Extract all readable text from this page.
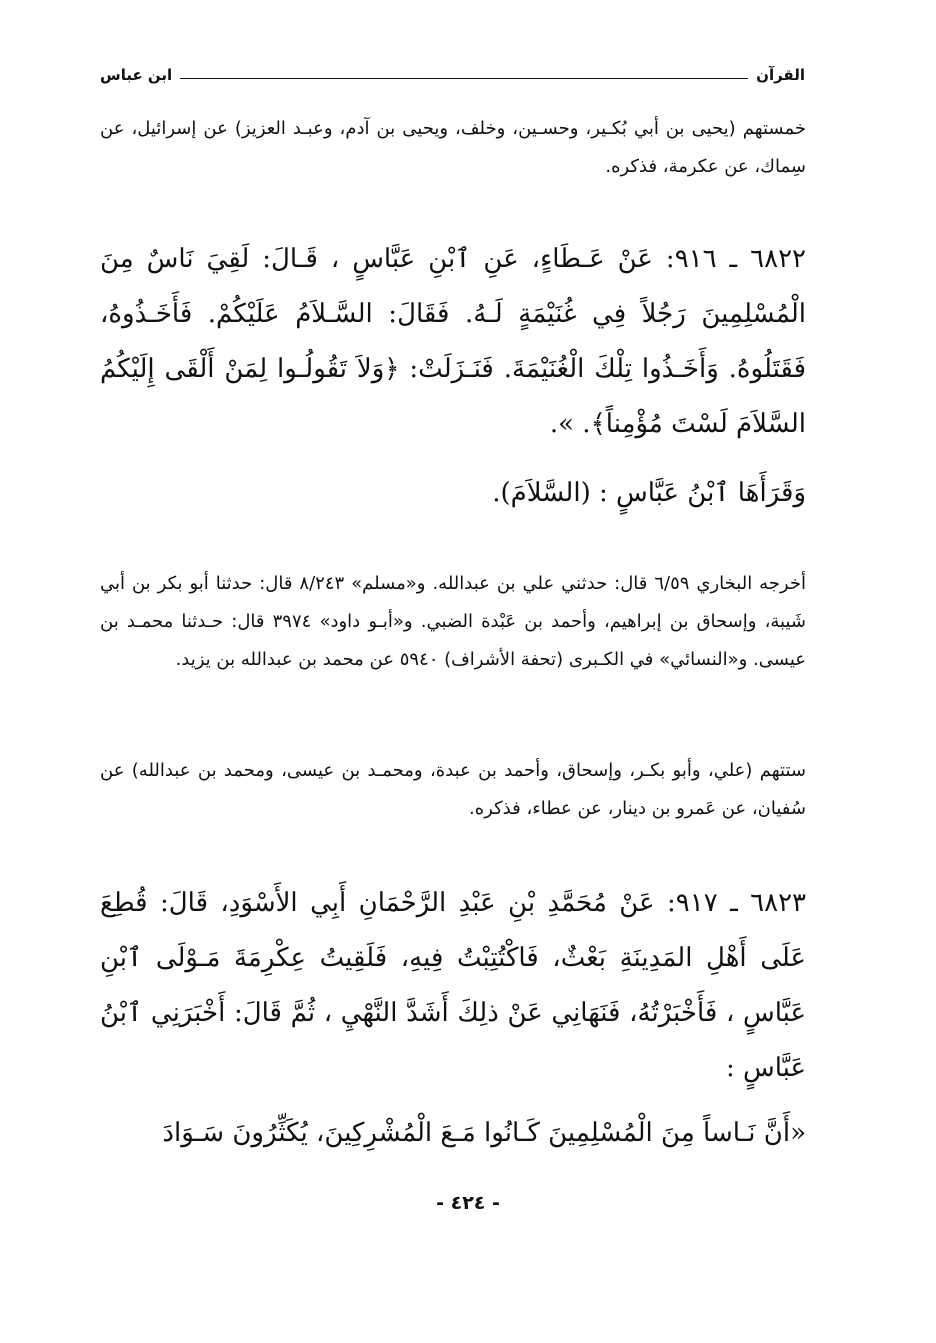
القرآن
ابن عباس

خمستهم (يحيى بن أبي بُكـير، وحسـين، وخلف، ويحيى بن آدم، وعبـد العزيز) عن إسرائيل، عن سِماك، عن عكرمة، فذكره.

٦٨٢٢ ـ ٩١٦: عَنْ عَـطَاءٍ، عَنِ ٱبْنِ عَبَّاسٍ ، قَـالَ: لَقِيَ نَاسٌ مِنَ الْمُسْلِمِينَ رَجُلاً فِي غُنَيْمَةٍ لَـهُ. فَقَالَ: السَّـلاَمُ عَلَيْكُمْ. فَأَخَـذُوهُ، فَقَتَلُوهُ. وَأَخَـذُوا تِلْكَ الْغُنَيْمَةَ. فَنَـزَلَتْ: ﴿وَلاَ تَقُولُـوا لِمَنْ أَلْقَى إِلَيْكُمُ السَّلاَمَ لَسْتَ مُؤْمِناً﴾. ».

وَقَرَأَهَا ٱبْنُ عَبَّاسٍ : (السَّلاَمَ).

أخرجه البخاري ٦/٥٩ قال: حدثني علي بن عبدالله. و«مسلم» ٨/٢٤٣ قال: حدثنا أبو بكر بن أبي شَيبة، وإسحاق بن إبراهيم، وأحمد بن عَبْدة الضبي. و«أبـو داود» ٣٩٧٤ قال: حـدثنا محمـد بن عيسى. و«النسائي» في الكـبرى (تحفة الأشراف) ٥٩٤٠ عن محمد بن عبدالله بن يزيد.

ستتهم (علي، وأبو بكـر، وإسحاق، وأحمد بن عبدة، ومحمـد بن عيسى، ومحمد بن عبدالله) عن سُفيان، عن عَمرو بن دينار، عن عطاء، فذكره.

٦٨٢٣ ـ ٩١٧: عَنْ مُحَمَّدِ بْنِ عَبْدِ الرَّحْمَانِ أَبِي الأَسْوَدِ، قَالَ: قُطِعَ عَلَى أَهْلِ المَدِينَةِ بَعْثٌ، فَاكْتُتِبْتُ فِيهِ، فَلَقِيتُ عِكْرِمَةَ مَـوْلَى ٱبْنِ عَبَّاسٍ ، فَأَخْبَرْتُهُ، فَنَهَانِي عَنْ ذلِكَ أَشَدَّ النَّهْيِ ، ثُمَّ قَالَ: أَخْبَرَنِي ٱبْنُ عَبَّاسٍ :

«أَنَّ نَـاساً مِنَ الْمُسْلِمِينَ كَـانُوا مَـعَ الْمُشْرِكِينَ، يُكَثِّرُونَ سَـوَادَ

- ٤٢٤ -
